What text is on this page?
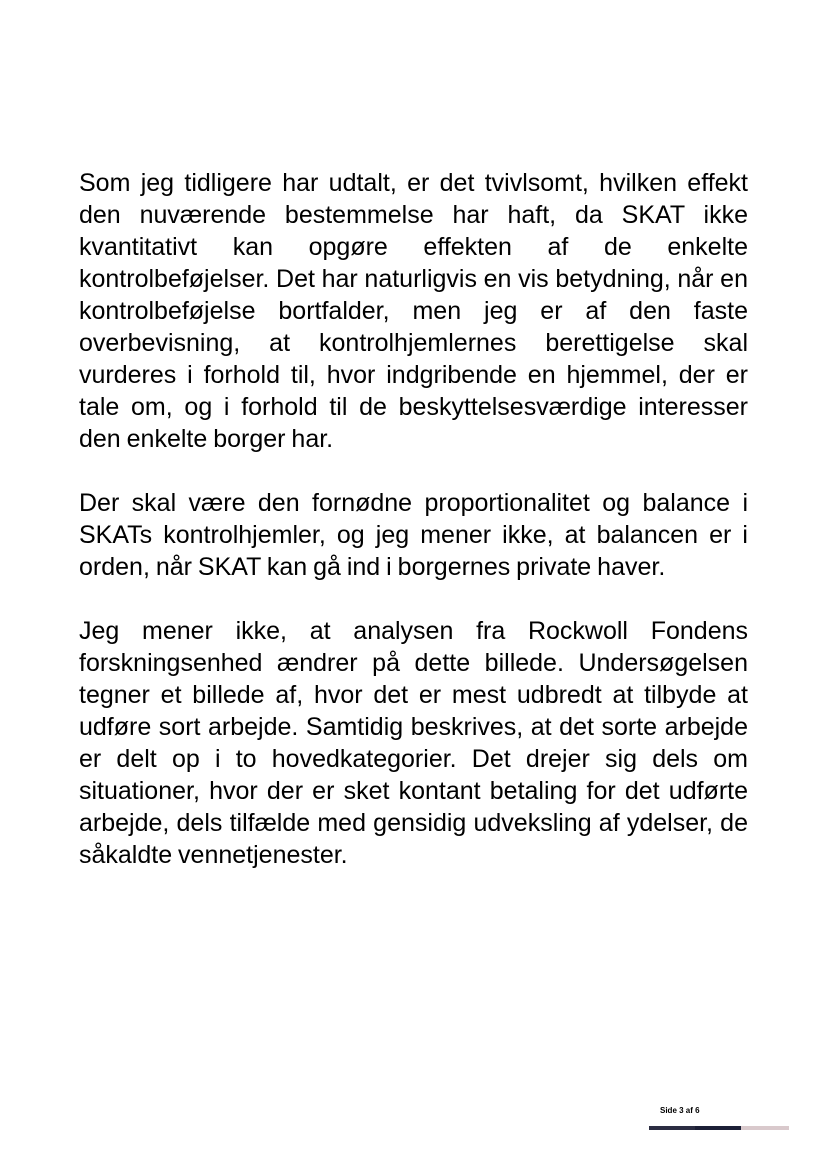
Som jeg tidligere har udtalt, er det tvivlsomt, hvilken effekt den nuværende bestemmelse har haft, da SKAT ikke kvantitativt kan opgøre effekten af de enkelte kontrolbeføjelser. Det har naturligvis en vis betydning, når en kontrolbeføjelse bortfalder, men jeg er af den faste overbevisning, at kontrolhjemlernes berettigelse skal vurderes i forhold til, hvor indgribende en hjemmel, der er tale om, og i forhold til de beskyttelsesværdige interesser den enkelte borger har.

Der skal være den fornødne proportionalitet og balance i SKATs kontrolhjemler, og jeg mener ikke, at balancen er i orden, når SKAT kan gå ind i borgernes private haver.

Jeg mener ikke, at analysen fra Rockwoll Fondens forskningsenhed ændrer på dette billede. Undersøgelsen tegner et billede af, hvor det er mest udbredt at tilbyde at udføre sort arbejde. Samtidig beskrives, at det sorte arbejde er delt op i to hovedkategorier. Det drejer sig dels om situationer, hvor der er sket kontant betaling for det udførte arbejde, dels tilfælde med gensidig udveksling af ydelser, de såkaldte vennetjenester.

Side 3 af 6
